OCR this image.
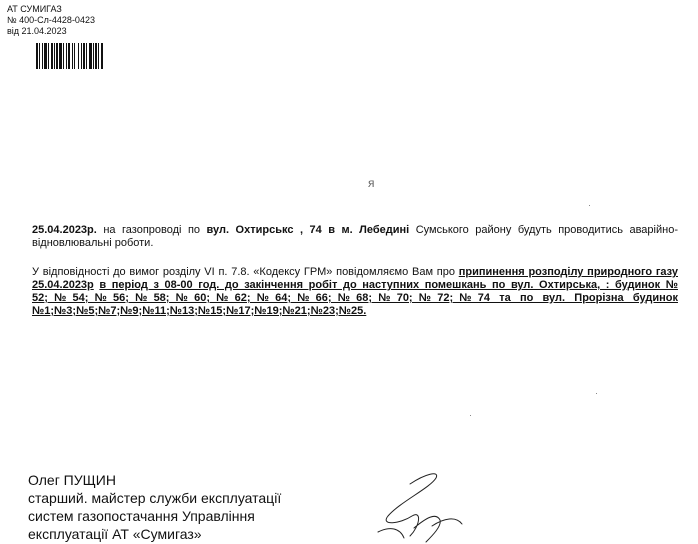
АТ СУМИГАЗ
№ 400-Сл-4428-0423
від 21.04.2023
я
25.04.2023р. на газопроводі по вул. Охтирськс , 74 в м. Лебедині Сумського району будуть проводитись аварійно-відновлювальні роботи.
У відповідності до вимог розділу VI п. 7.8. «Кодексу ГРМ» повідомляємо Вам про припинення розподілу природного газу 25.04.2023р в період з 08-00 год. до закінчення робіт до наступних помешкань по вул. Охтирська, : будинок № 52;№54;№56;№58;№60;№62;№64;№66;№68;№70;№72;№74 та по вул. Прорізна будинок №1;№3;№5;№7;№9;№11;№13;№15;№17;№19;№21;№23;№25.
Олег ПУЩИН
старший. майстер служби експлуатації
систем газопостачання Управління
експлуатації АТ «Сумигаз»
